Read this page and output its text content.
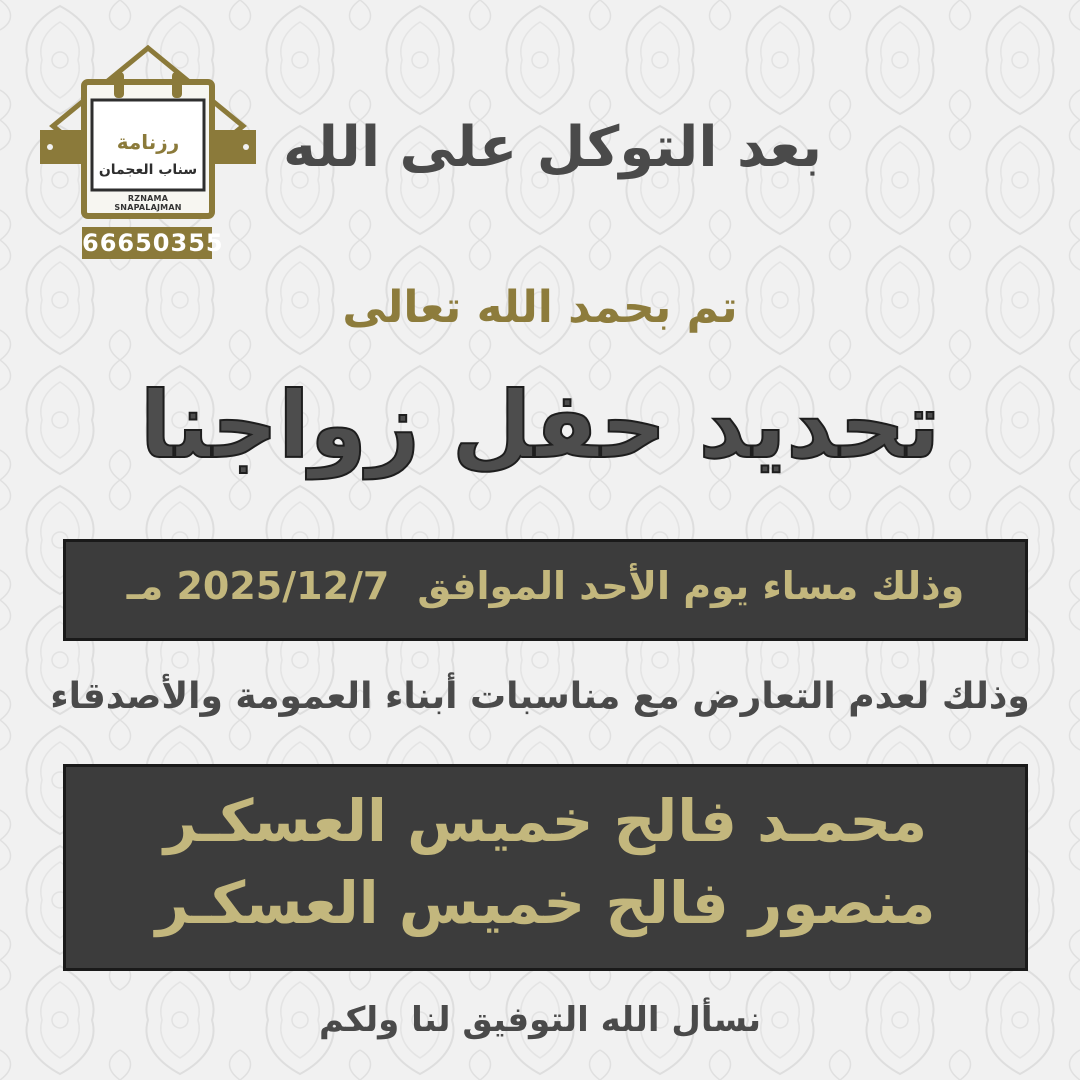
رزنامة
سناب العجمان
RZNAMA SNAPALAJMAN
66650355
بعد التوكل على الله
تم بحمد الله تعالى
تحديد حفل زواجنا
وذلك مساء يوم الأحد الموافق2025/12/7 مـ
وذلك لعدم التعارض مع مناسبات أبناء العمومة والأصدقاء
محمـد فالح خميس العسكـر
منصور فالح خميس العسكـر
نسأل الله التوفيق لنا ولكم
